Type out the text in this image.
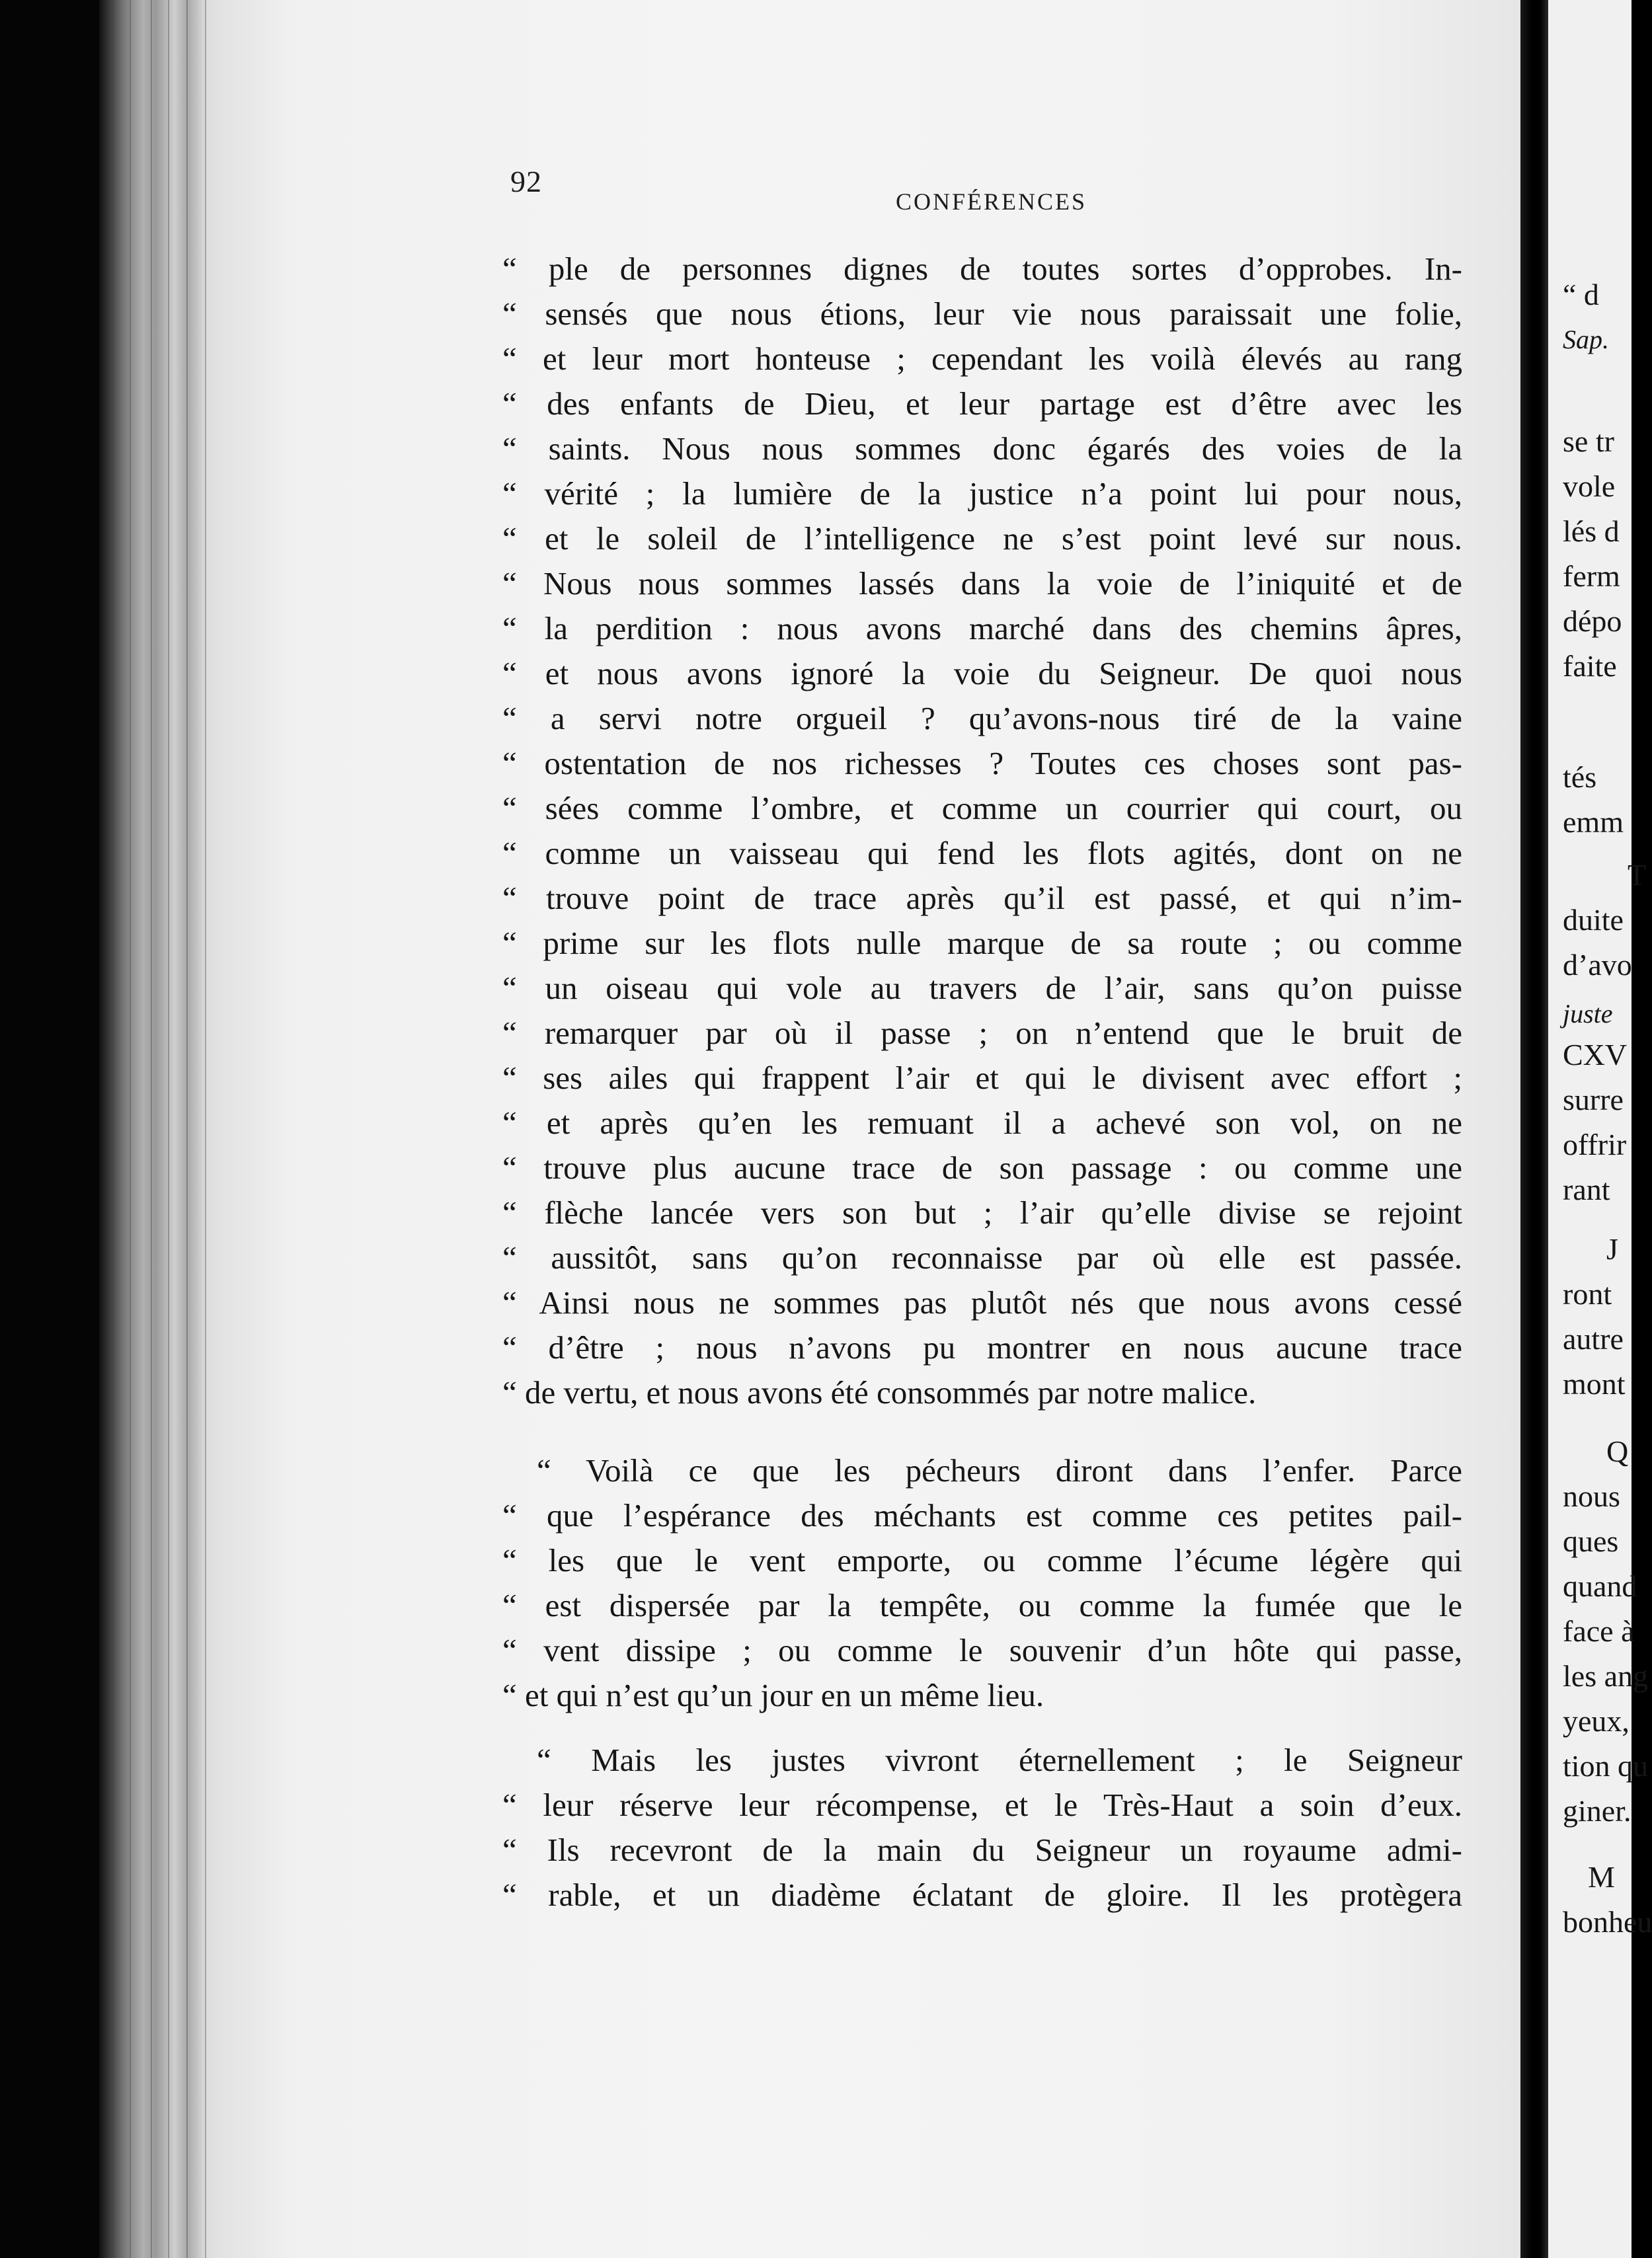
92
CONFÉRENCES
“ ple de personnes dignes de toutes sortes d’opprobes. In-
“ sensés que nous étions, leur vie nous paraissait une folie,
“ et leur mort honteuse ; cependant les voilà élevés au rang
“ des enfants de Dieu, et leur partage est d’être avec les
“ saints. Nous nous sommes donc égarés des voies de la
“ vérité ; la lumière de la justice n’a point lui pour nous,
“ et le soleil de l’intelligence ne s’est point levé sur nous.
“ Nous nous sommes lassés dans la voie de l’iniquité et de
“ la perdition : nous avons marché dans des chemins âpres,
“ et nous avons ignoré la voie du Seigneur. De quoi nous
“ a servi notre orgueil ? qu’avons-nous tiré de la vaine
“ ostentation de nos richesses ? Toutes ces choses sont pas-
“ sées comme l’ombre, et comme un courrier qui court, ou
“ comme un vaisseau qui fend les flots agités, dont on ne
“ trouve point de trace après qu’il est passé, et qui n’im-
“ prime sur les flots nulle marque de sa route ; ou comme
“ un oiseau qui vole au travers de l’air, sans qu’on puisse
“ remarquer par où il passe ; on n’entend que le bruit de
“ ses ailes qui frappent l’air et qui le divisent avec effort ;
“ et après qu’en les remuant il a achevé son vol, on ne
“ trouve plus aucune trace de son passage : ou comme une
“ flèche lancée vers son but ; l’air qu’elle divise se rejoint
“ aussitôt, sans qu’on reconnaisse par où elle est passée.
“ Ainsi nous ne sommes pas plutôt nés que nous avons cessé
“ d’être ; nous n’avons pu montrer en nous aucune trace
“ de vertu, et nous avons été consommés par notre malice.
“ Voilà ce que les pécheurs diront dans l’enfer. Parce
“ que l’espérance des méchants est comme ces petites pail-
“ les que le vent emporte, ou comme l’écume légère qui
“ est dispersée par la tempête, ou comme la fumée que le
“ vent dissipe ; ou comme le souvenir d’un hôte qui passe,
“ et qui n’est qu’un jour en un même lieu.
“ Mais les justes vivront éternellement ; le Seigneur
“ leur réserve leur récompense, et le Très-Haut a soin d’eux.
“ Ils recevront de la main du Seigneur un royaume admi-
“ rable, et un diadème éclatant de gloire. Il les protègera
“ d
Sap.
se tr
vole
lés d
ferm
dépo
faite
tés
emm
T
duite
d’avo
juste
CXV
surre
offrir
rant
J
ront
autre
mont
Q
nous
ques
quand
face à
les ang
yeux,
tion qu
giner.
M
bonheu
